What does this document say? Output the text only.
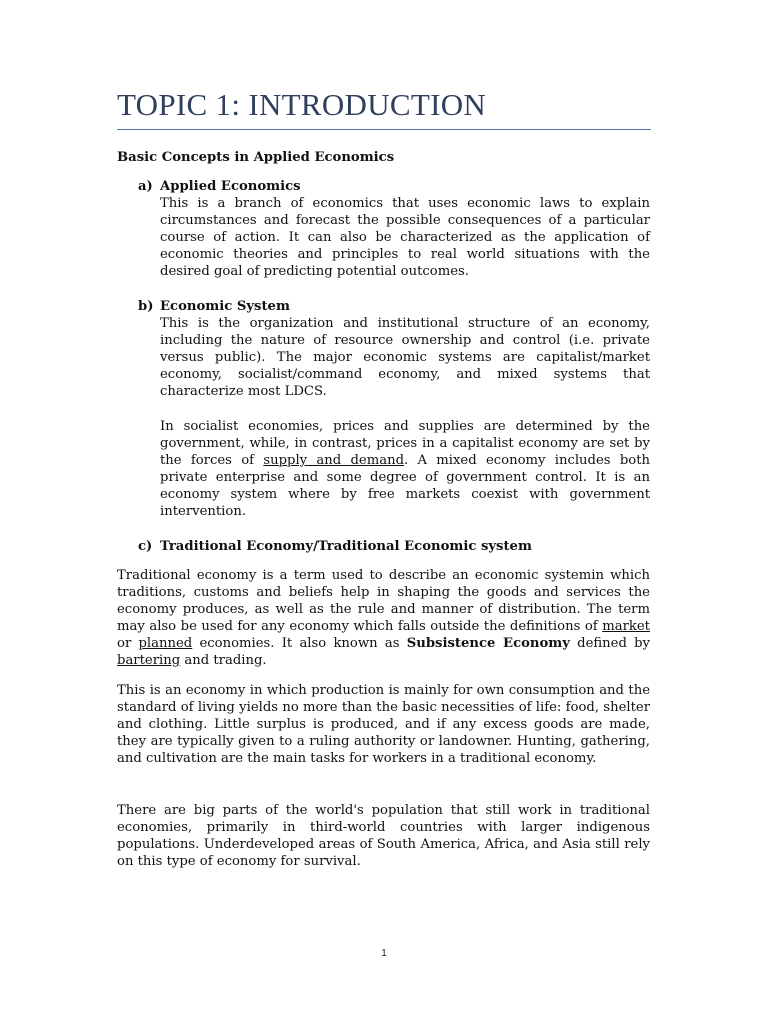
TOPIC 1: INTRODUCTION
Basic Concepts in Applied Economics
a) Applied Economics
This is a branch of economics that uses economic laws to explain circumstances and forecast the possible consequences of a particular course of action. It can also be characterized as the application of economic theories and principles to real world situations with the desired goal of predicting potential outcomes.
b) Economic System
This is the organization and institutional structure of an economy, including the nature of resource ownership and control (i.e. private versus public). The major economic systems are capitalist/market economy, socialist/command economy, and mixed systems that characterize most LDCS.
In socialist economies, prices and supplies are determined by the government, while, in contrast, prices in a capitalist economy are set by the forces of supply and demand. A mixed economy includes both private enterprise and some degree of government control. It is an economy system where by free markets coexist with government intervention.
c) Traditional Economy/Traditional Economic system
Traditional economy is a term used to describe an economic systemin which traditions, customs and beliefs help in shaping the goods and services the economy produces, as well as the rule and manner of distribution. The term may also be used for any economy which falls outside the definitions of market or planned economies. It also known as Subsistence Economy defined by bartering and trading.
This is an economy in which production is mainly for own consumption and the standard of living yields no more than the basic necessities of life: food, shelter and clothing. Little surplus is produced, and if any excess goods are made, they are typically given to a ruling authority or landowner. Hunting, gathering, and cultivation are the main tasks for workers in a traditional economy.
There are big parts of the world's population that still work in traditional economies, primarily in third-world countries with larger indigenous populations. Underdeveloped areas of South America, Africa, and Asia still rely on this type of economy for survival.
1
